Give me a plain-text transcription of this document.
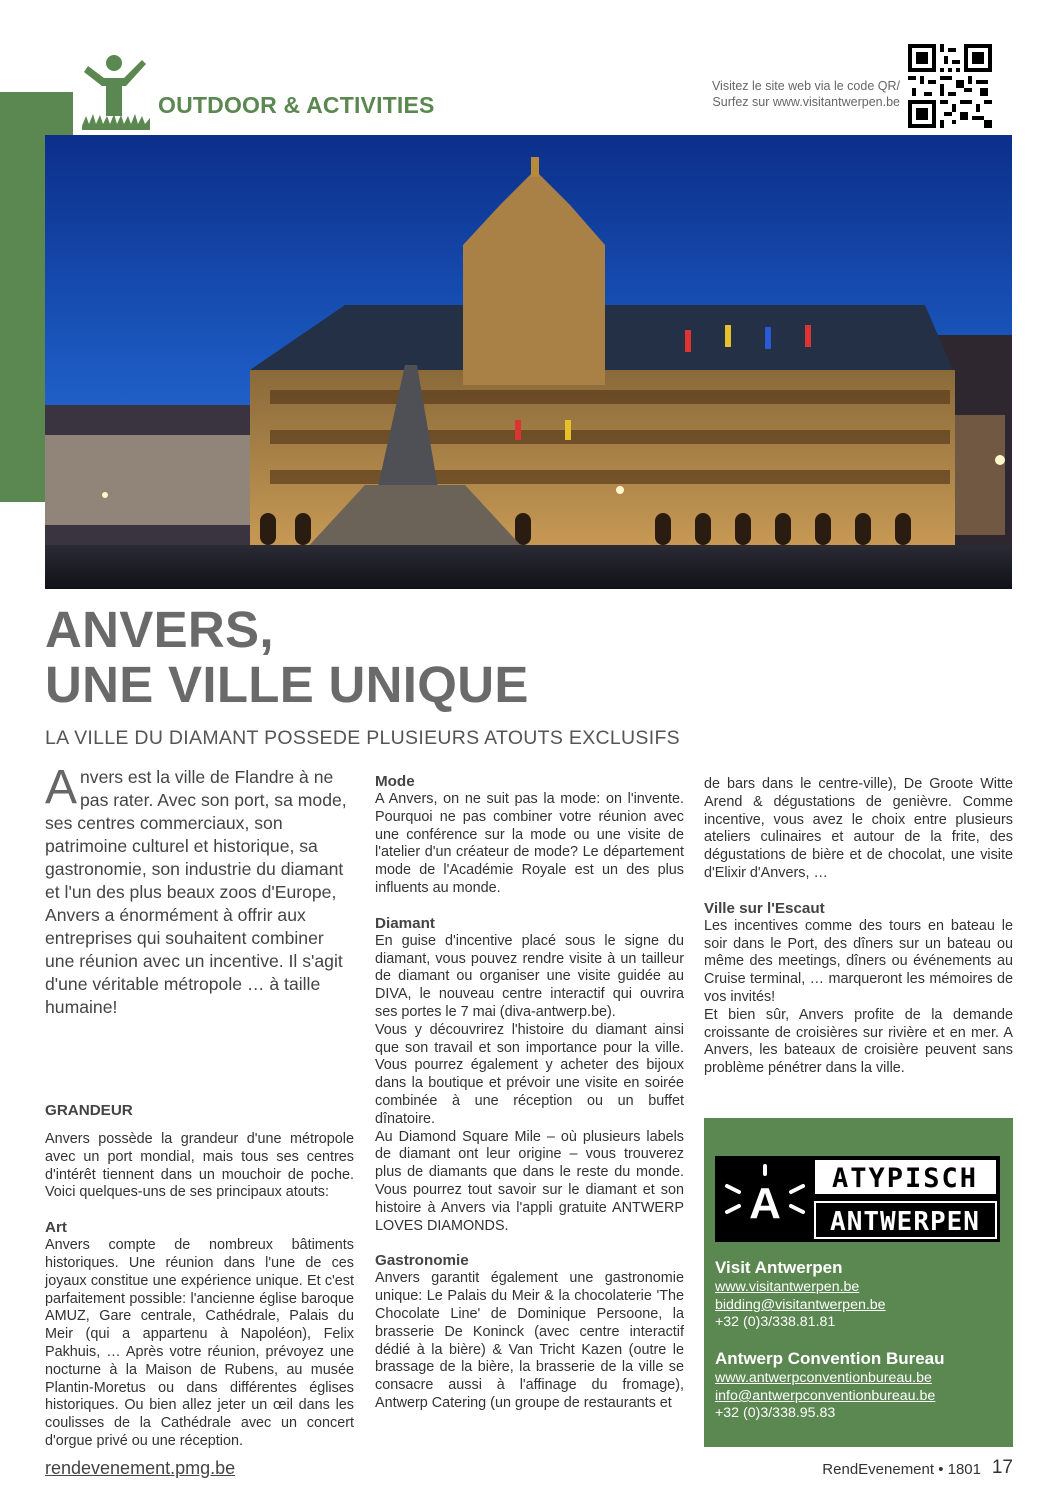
OUTDOOR & ACTIVITIES
Visitez le site web via le code QR/
Surfez sur www.visitantwerpen.be
ANVERS,
UNE VILLE UNIQUE
LA VILLE DU DIAMANT POSSEDE PLUSIEURS ATOUTS EXCLUSIFS

Anvers est la ville de Flandre à ne pas rater. Avec son port, sa mode, ses centres commerciaux, son patrimoine culturel et historique, sa gastronomie, son industrie du diamant et l'un des plus beaux zoos d'Europe, Anvers a énormément à offrir aux entreprises qui souhaitent combiner une réunion avec un incentive. Il s'agit d'une véritable métropole … à taille humaine!

GRANDEUR

Anvers possède la grandeur d'une métropole avec un port mondial, mais tous ses centres d'intérêt tiennent dans un mouchoir de poche. Voici quelques-uns de ses principaux atouts:

Art

Anvers compte de nombreux bâtiments historiques. Une réunion dans l'une de ces joyaux constitue une expérience unique. Et c'est parfaitement possible: l'ancienne église baroque AMUZ, Gare centrale, Cathédrale, Palais du Meir (qui a appartenu à Napoléon), Felix Pakhuis, … Après votre réunion, prévoyez une nocturne à la Maison de Rubens, au musée Plantin-Moretus ou dans différentes églises historiques. Ou bien allez jeter un œil dans les coulisses de la Cathédrale avec un concert d'orgue privé ou une réception.

Mode

A Anvers, on ne suit pas la mode: on l'invente. Pourquoi ne pas combiner votre réunion avec une conférence sur la mode ou une visite de l'atelier d'un créateur de mode? Le département mode de l'Académie Royale est un des plus influents au monde.

Diamant

En guise d'incentive placé sous le signe du diamant, vous pouvez rendre visite à un tailleur de diamant ou organiser une visite guidée au DIVA, le nouveau centre interactif qui ouvrira ses portes le 7 mai (diva-antwerp.be).

Vous y découvrirez l'histoire du diamant ainsi que son travail et son importance pour la ville. Vous pourrez également y acheter des bijoux dans la boutique et prévoir une visite en soirée combinée à une réception ou un buffet dînatoire.

Au Diamond Square Mile – où plusieurs labels de diamant ont leur origine – vous trouverez plus de diamants que dans le reste du monde. Vous pourrez tout savoir sur le diamant et son histoire à Anvers via l'appli gratuite ANTWERP LOVES DIAMONDS.

Gastronomie

Anvers garantit également une gastronomie unique: Le Palais du Meir & la chocolaterie 'The Chocolate Line' de Dominique Persoone, la brasserie De Koninck (avec centre interactif dédié à la bière) & Van Tricht Kazen (outre le brassage de la bière, la brasserie de la ville se consacre aussi à l'affinage du fromage), Antwerp Catering (un groupe de restaurants et

de bars dans le centre-ville), De Groote Witte Arend & dégustations de genièvre. Comme incentive, vous avez le choix entre plusieurs ateliers culinaires et autour de la frite, des dégustations de bière et de chocolat, une visite d'Elixir d'Anvers, …

Ville sur l'Escaut

Les incentives comme des tours en bateau le soir dans le Port, des dîners sur un bateau ou même des meetings, dîners ou événements au Cruise terminal, … marqueront les mémoires de vos invités!

Et bien sûr, Anvers profite de la demande croissante de croisières sur rivière et en mer. A Anvers, les bateaux de croisière peuvent sans problème pénétrer dans la ville.

A
ATYPISCH
ANTWERPEN
Visit Antwerpen
www.visitantwerpen.be
bidding@visitantwerpen.be
+32 (0)3/338.81.81
Antwerp Convention Bureau
www.antwerpconventionbureau.be
info@antwerpconventionbureau.be
+32 (0)3/338.95.83
rendevenement.pmg.be	RendEvenement • 1801 17
